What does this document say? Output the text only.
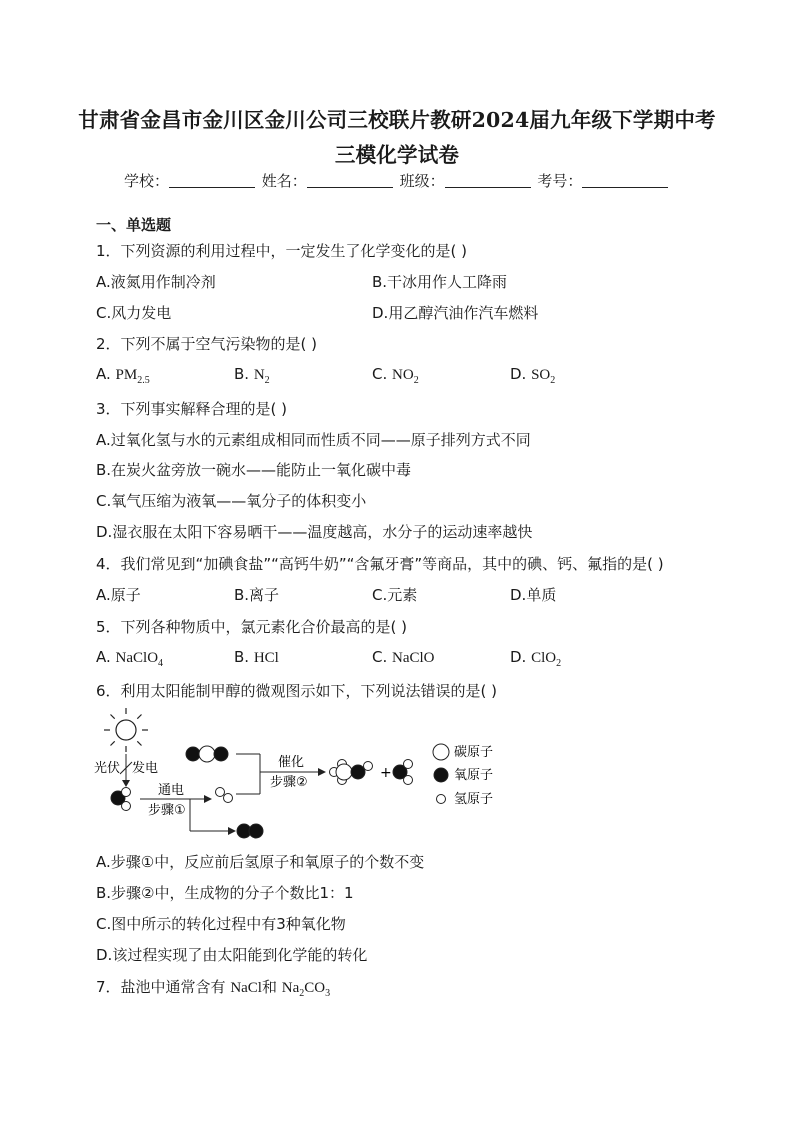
甘肃省金昌市金川区金川公司三校联片教研2024届九年级下学期中考
三模化学试卷
学校：	姓名：	班级：	考号：
一、单选题
1．下列资源的利用过程中，一定发生了化学变化的是( )
A.液氮用作制冷剂	B.干冰用作人工降雨
C.风力发电	D.用乙醇汽油作汽车燃料
2．下列不属于空气污染物的是( )
A. $PM_{2.5}$	B. $N_2$	C. $NO_2$	D. $SO_2$
3．下列事实解释合理的是( )
A.过氧化氢与水的元素组成相同而性质不同——原子排列方式不同
B.在炭火盆旁放一碗水——能防止一氧化碳中毒
C.氧气压缩为液氧——氧分子的体积变小
D.湿衣服在太阳下容易晒干——温度越高，水分子的运动速率越快
4．我们常见到“加碘食盐”“高钙牛奶”“含氟牙膏”等商品，其中的碘、钙、氟指的是( )
A.原子	B.离子	C.元素	D.单质
5．下列各种物质中，氯元素化合价最高的是( )
A. NaClO$_4$	B. HCl	C. NaClO	D. ClO$_2$
6．利用太阳能制甲醇的微观图示如下，下列说法错误的是( )
光伏 发电
通电
步骤①
催化
步骤②
+
碳原子
氧原子
氢原子
A.步骤①中，反应前后氢原子和氧原子的个数不变
B.步骤②中，生成物的分子个数比1：1
C.图中所示的转化过程中有3种氧化物
D.该过程实现了由太阳能到化学能的转化
7．盐池中通常含有 NaCl和 $Na_2CO_3$
